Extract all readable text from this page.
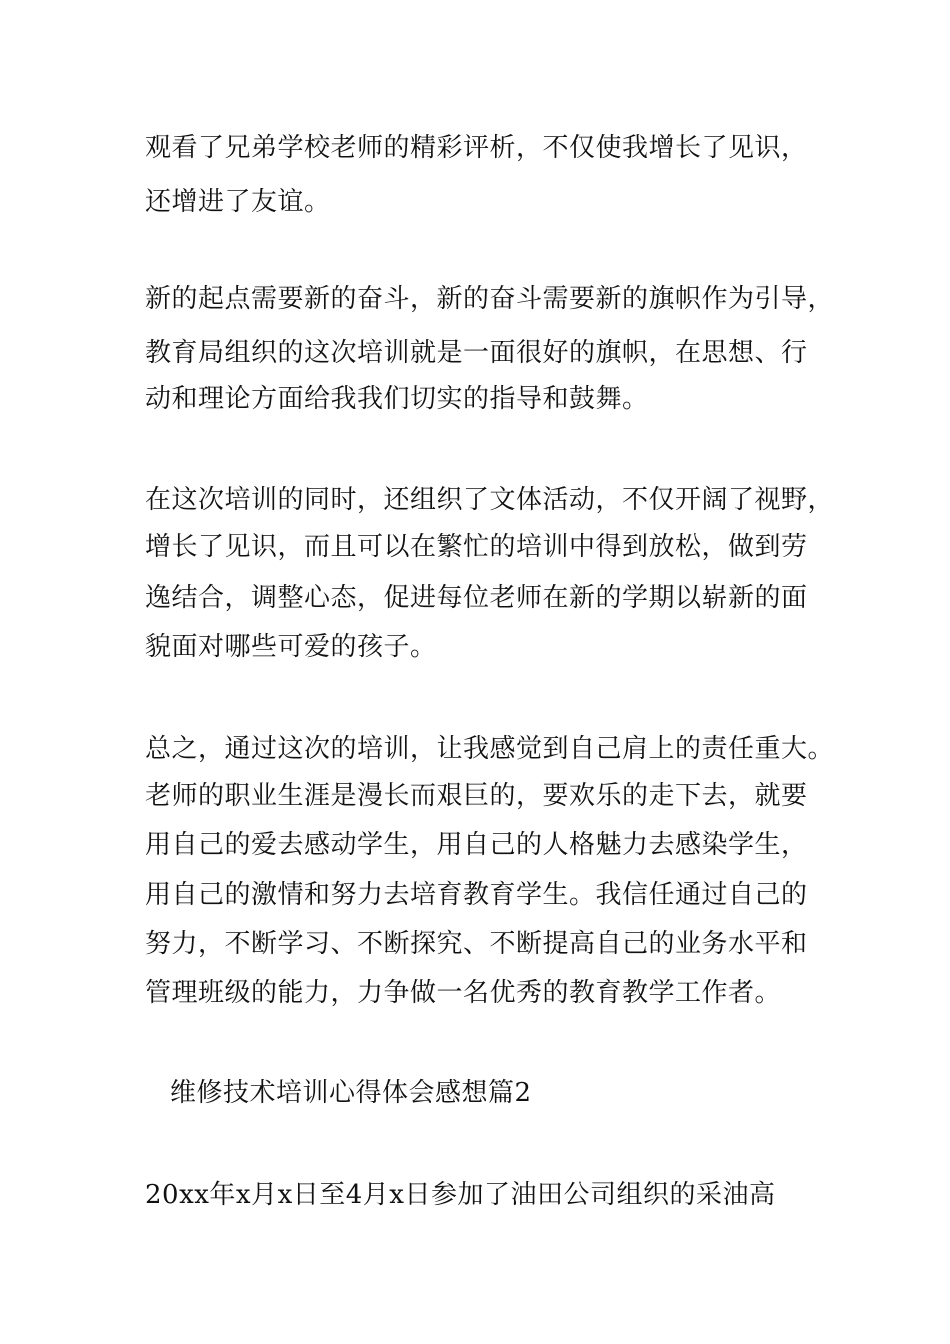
观看了兄弟学校老师的精彩评析，不仅使我增长了见识，
还增进了友谊。
新的起点需要新的奋斗，新的奋斗需要新的旗帜作为引导，
教育局组织的这次培训就是一面很好的旗帜，在思想、行
动和理论方面给我我们切实的指导和鼓舞。
在这次培训的同时，还组织了文体活动，不仅开阔了视野，
增长了见识，而且可以在繁忙的培训中得到放松，做到劳
逸结合，调整心态，促进每位老师在新的学期以崭新的面
貌面对哪些可爱的孩子。
总之，通过这次的培训，让我感觉到自己肩上的责任重大。
老师的职业生涯是漫长而艰巨的，要欢乐的走下去，就要
用自己的爱去感动学生，用自己的人格魅力去感染学生，
用自己的激情和努力去培育教育学生。我信任通过自己的
努力，不断学习、不断探究、不断提高自己的业务水平和
管理班级的能力，力争做一名优秀的教育教学工作者。
维修技术培训心得体会感想篇2
20xx年x月x日至4月x日参加了油田公司组织的采油高
